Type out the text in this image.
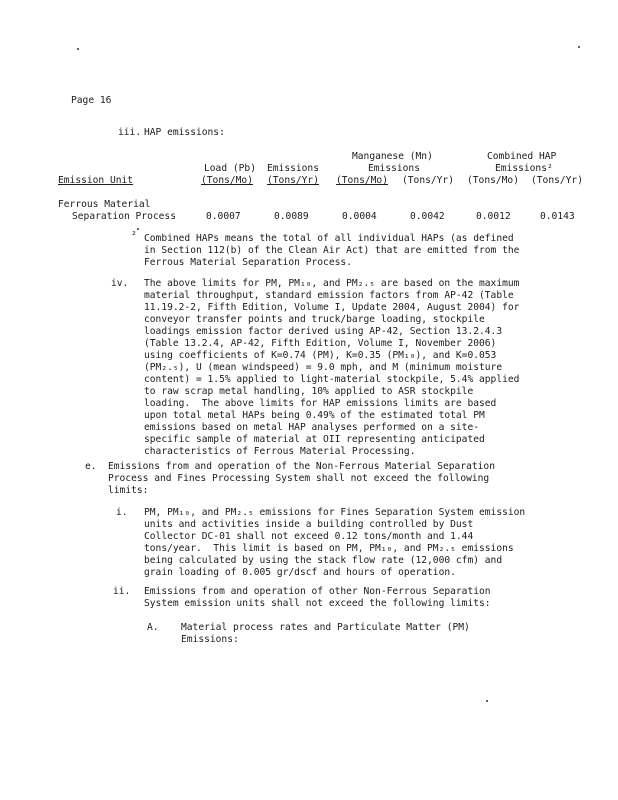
Page 16
iii. HAP emissions:
Manganese (Mn)	Combined HAP
Emissions	Emissions²
Load (Pb) Emissions
Emission Unit	(Tons/Mo) (Tons/Yr) (Tons/Mo) (Tons/Yr) (Tons/Mo) (Tons/Yr)
Ferrous Material
Separation Process	0.0007	0.0089	0.0004	0.0042	0.0012	0.0143
² Combined HAPs means the total of all individual HAPs (as defined
in Section 112(b) of the Clean Air Act) that are emitted from the
Ferrous Material Separation Process.
iv. The above limits for PM, PM₁₀, and PM₂.₅ are based on the maximum
material throughput, standard emission factors from AP-42 (Table
11.19.2-2, Fifth Edition, Volume I, Update 2004, August 2004) for
conveyor transfer points and truck/barge loading, stockpile
loadings emission factor derived using AP-42, Section 13.2.4.3
(Table 13.2.4, AP-42, Fifth Edition, Volume I, November 2006)
using coefficients of K=0.74 (PM), K=0.35 (PM₁₀), and K=0.053
(PM₂.₅), U (mean windspeed) = 9.0 mph, and M (minimum moisture
content) = 1.5% applied to light-material stockpile, 5.4% applied
to raw scrap metal handling, 10% applied to ASR stockpile
loading.  The above limits for HAP emissions limits are based
upon total metal HAPs being 0.49% of the estimated total PM
emissions based on metal HAP analyses performed on a site-
specific sample of material at OII representing anticipated
characteristics of Ferrous Material Processing.
e. Emissions from and operation of the Non-Ferrous Material Separation
Process and Fines Processing System shall not exceed the following
limits:
i. PM, PM₁₀, and PM₂.₅ emissions for Fines Separation System emission
units and activities inside a building controlled by Dust
Collector DC-01 shall not exceed 0.12 tons/month and 1.44
tons/year.  This limit is based on PM, PM₁₀, and PM₂.₅ emissions
being calculated by using the stack flow rate (12,000 cfm) and
grain loading of 0.005 gr/dscf and hours of operation.
ii. Emissions from and operation of other Non-Ferrous Separation
System emission units shall not exceed the following limits:
A. Material process rates and Particulate Matter (PM)
Emissions:
